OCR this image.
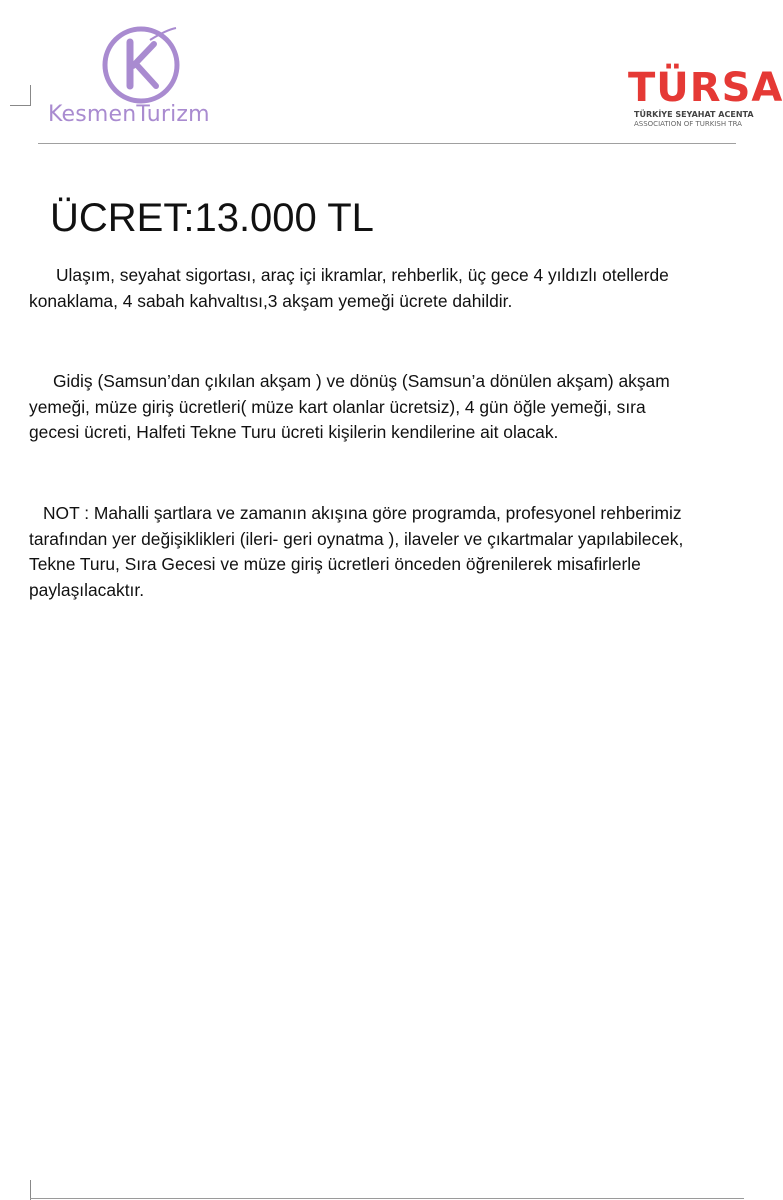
KesmenTurizm
TÜRSA
TÜRKİYE SEYAHAT ACENTA
ASSOCIATION OF TURKISH TRA
ÜCRET:13.000 TL

Ulaşım, seyahat sigortası, araç içi ikramlar, rehberlik, üç gece 4 yıldızlı otellerde
konaklama, 4 sabah kahvaltısı,3 akşam yemeği ücrete dahildir.

Gidiş (Samsun’dan çıkılan akşam ) ve dönüş (Samsun’a dönülen akşam) akşam
yemeği, müze giriş ücretleri( müze kart olanlar ücretsiz), 4 gün öğle yemeği, sıra
gecesi ücreti, Halfeti Tekne Turu ücreti kişilerin kendilerine ait olacak.

NOT : Mahalli şartlara ve zamanın akışına göre programda, profesyonel rehberimiz
tarafından yer değişiklikleri (ileri- geri oynatma ), ilaveler ve çıkartmalar yapılabilecek,
Tekne Turu, Sıra Gecesi ve müze giriş ücretleri önceden öğrenilerek misafirlerle
paylaşılacaktır.
